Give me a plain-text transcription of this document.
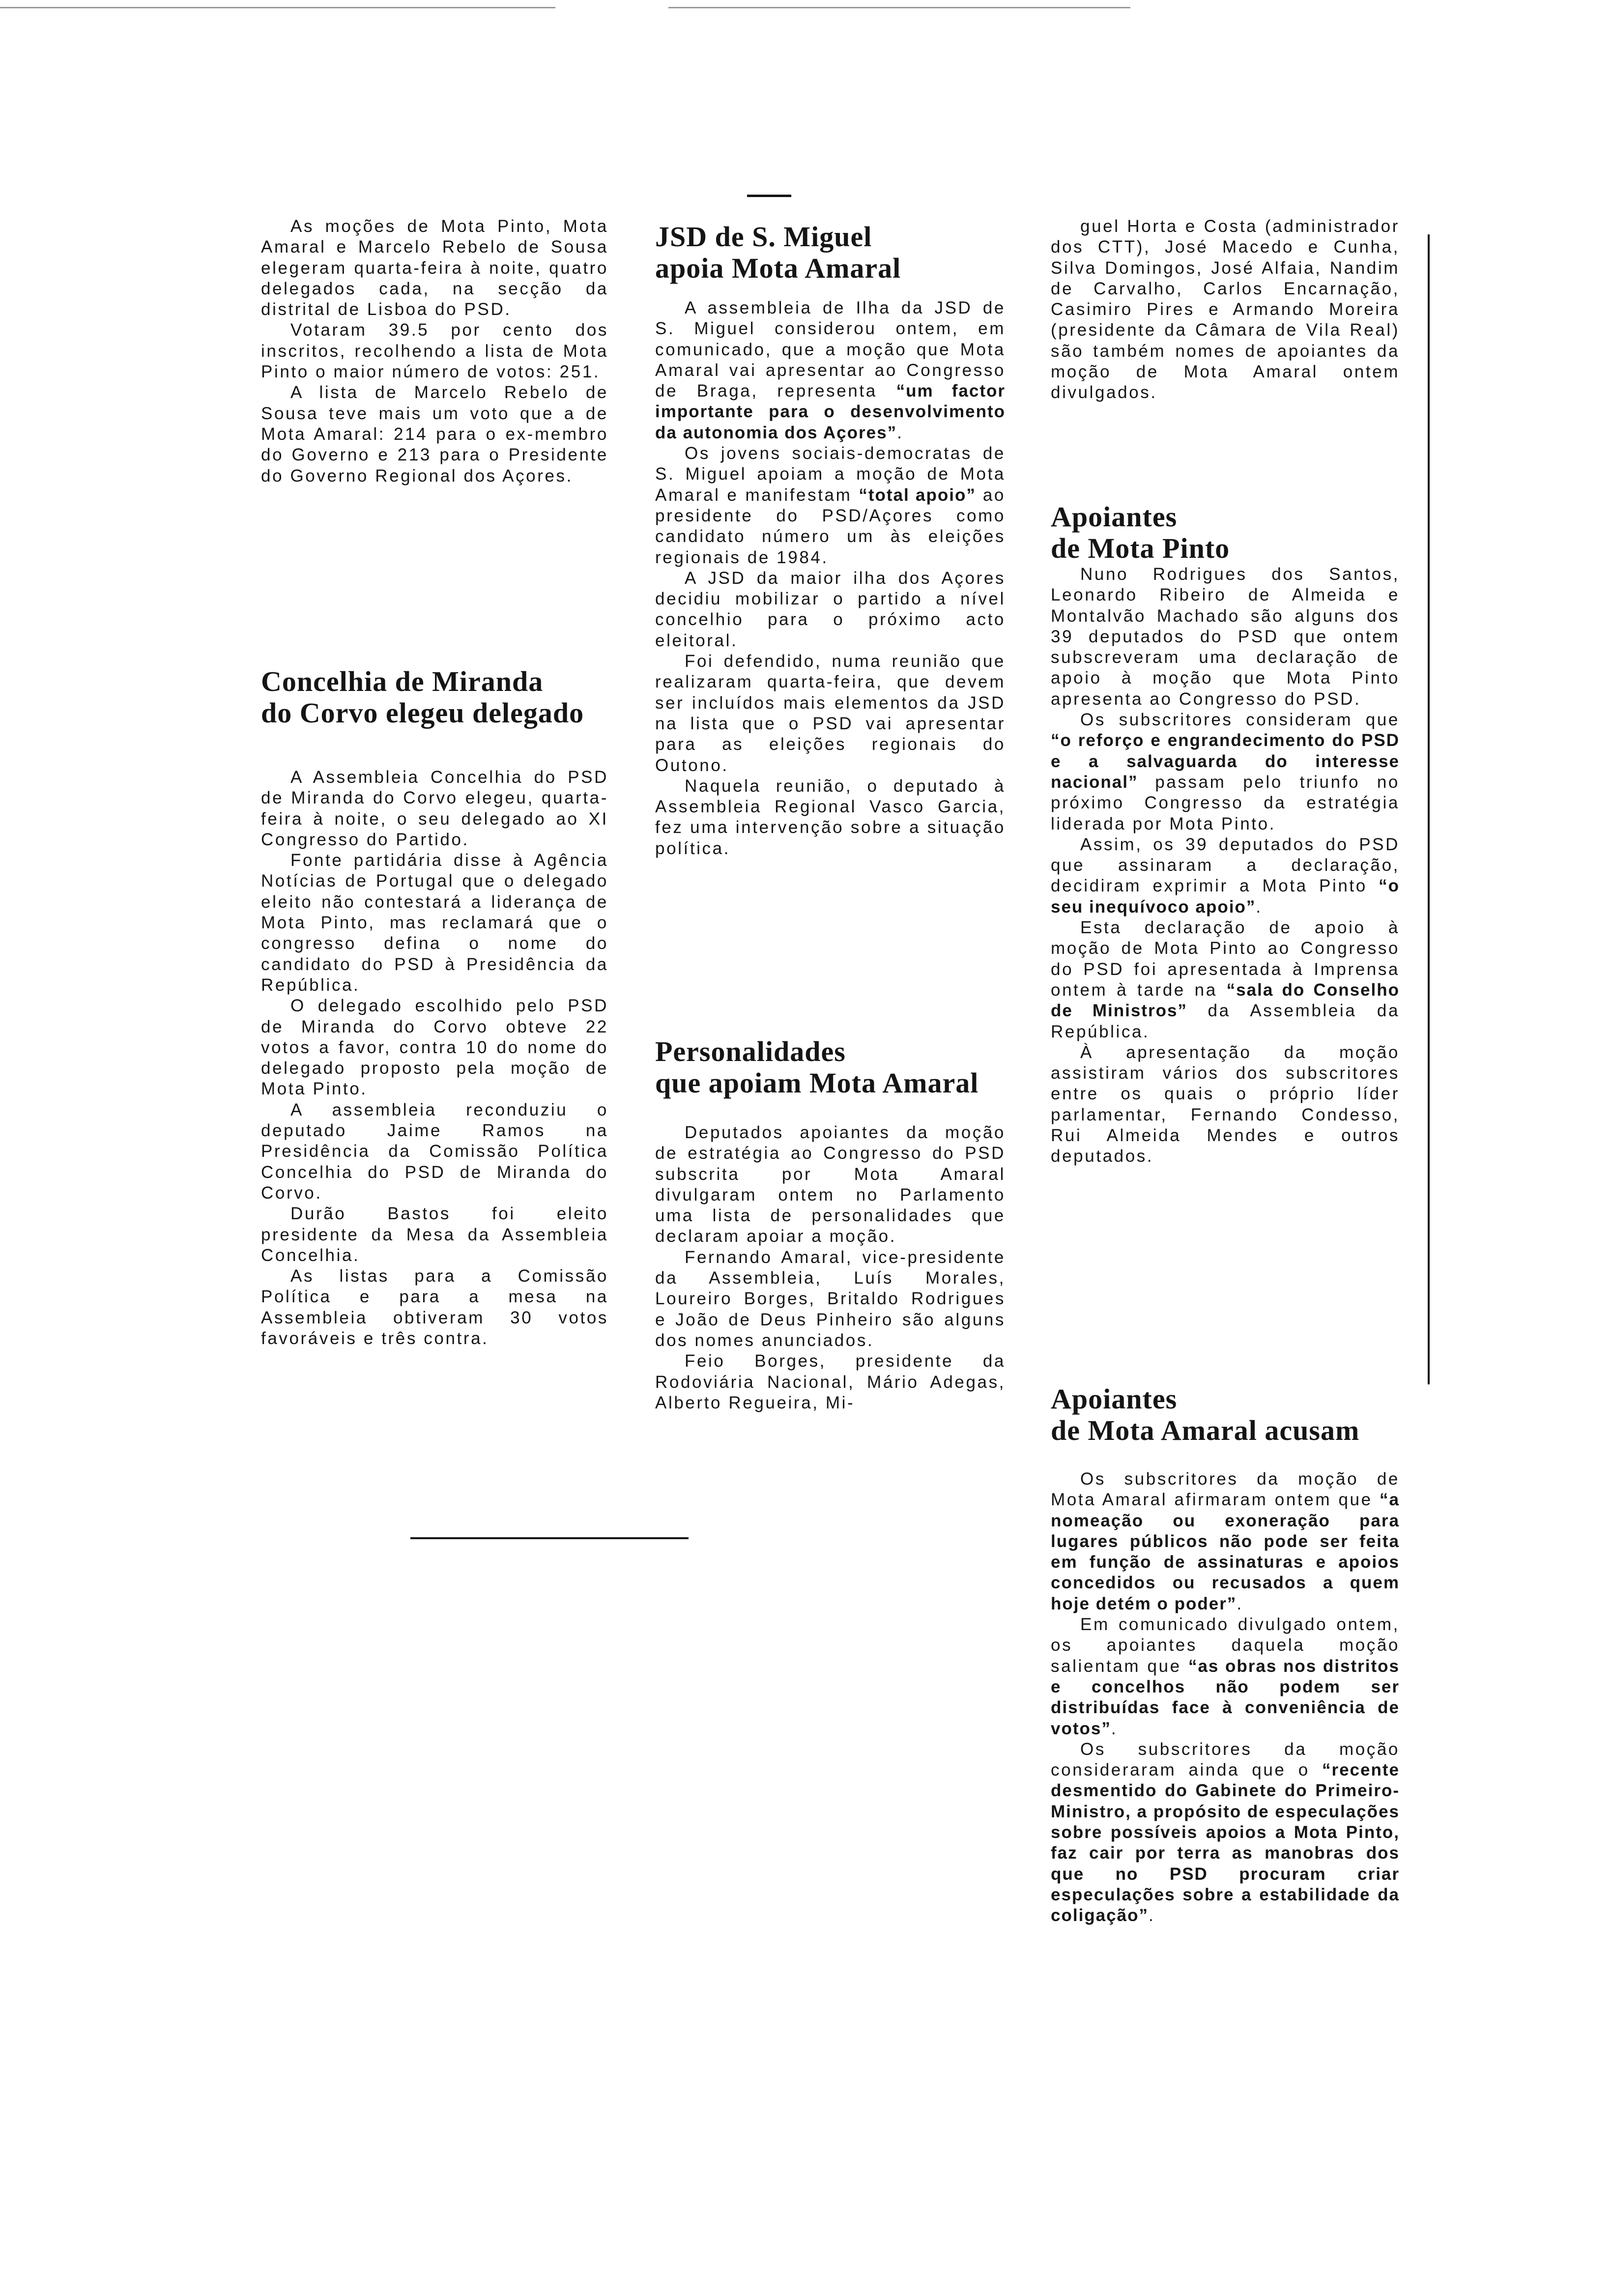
As moções de Mota Pinto, Mota Amaral e Marcelo Rebelo de Sousa elegeram quarta-feira à noite, quatro delegados cada, na secção da distrital de Lisboa do PSD.

Votaram 39.5 por cento dos inscritos, recolhendo a lista de Mota Pinto o maior número de votos: 251.

A lista de Marcelo Rebelo de Sousa teve mais um voto que a de Mota Amaral: 214 para o ex-membro do Governo e 213 para o Presidente do Governo Regional dos Açores.

Concelhia de Miranda
do Corvo elegeu delegado

A Assembleia Concelhia do PSD de Miranda do Corvo elegeu, quarta-feira à noite, o seu delegado ao XI Congresso do Partido.

Fonte partidária disse à Agência Notícias de Portugal que o delegado eleito não contestará a liderança de Mota Pinto, mas reclamará que o congresso defina o nome do candidato do PSD à Presidência da República.

O delegado escolhido pelo PSD de Miranda do Corvo obteve 22 votos a favor, contra 10 do nome do delegado proposto pela moção de Mota Pinto.

A assembleia reconduziu o deputado Jaime Ramos na Presidência da Comissão Política Concelhia do PSD de Miranda do Corvo.

Durão Bastos foi eleito presidente da Mesa da Assembleia Concelhia.

As listas para a Comissão Política e para a mesa na Assembleia obtiveram 30 votos favoráveis e três contra.

JSD de S. Miguel
apoia Mota Amaral

A assembleia de Ilha da JSD de S. Miguel considerou ontem, em comunicado, que a moção que Mota Amaral vai apresentar ao Congresso de Braga, representa “um factor importante para o desenvolvimento da autonomia dos Açores”.

Os jovens sociais-democratas de S. Miguel apoiam a moção de Mota Amaral e manifestam “total apoio” ao presidente do PSD/Açores como candidato número um às eleições regionais de 1984.

A JSD da maior ilha dos Açores decidiu mobilizar o partido a nível concelhio para o próximo acto eleitoral.

Foi defendido, numa reunião que realizaram quarta-feira, que devem ser incluídos mais elementos da JSD na lista que o PSD vai apresentar para as eleições regionais do Outono.

Naquela reunião, o deputado à Assembleia Regional Vasco Garcia, fez uma intervenção sobre a situação política.

Personalidades
que apoiam Mota Amaral

Deputados apoiantes da moção de estratégia ao Congresso do PSD subscrita por Mota Amaral divulgaram ontem no Parlamento uma lista de personalidades que declaram apoiar a moção.

Fernando Amaral, vice-presidente da Assembleia, Luís Morales, Loureiro Borges, Britaldo Rodrigues e João de Deus Pinheiro são alguns dos nomes anunciados.

Feio Borges, presidente da Rodoviária Nacional, Mário Adegas, Alberto Regueira, Mi-

guel Horta e Costa (administrador dos CTT), José Macedo e Cunha, Silva Domingos, José Alfaia, Nandim de Carvalho, Carlos Encarnação, Casimiro Pires e Armando Moreira (presidente da Câmara de Vila Real) são também nomes de apoiantes da moção de Mota Amaral ontem divulgados.

Apoiantes
de Mota Pinto

Nuno Rodrigues dos Santos, Leonardo Ribeiro de Almeida e Montalvão Machado são alguns dos 39 deputados do PSD que ontem subscreveram uma declaração de apoio à moção que Mota Pinto apresenta ao Congresso do PSD.

Os subscritores consideram que “o reforço e engrandecimento do PSD e a salvaguarda do interesse nacional” passam pelo triunfo no próximo Congresso da estratégia liderada por Mota Pinto.

Assim, os 39 deputados do PSD que assinaram a declaração, decidiram exprimir a Mota Pinto “o seu inequívoco apoio”.

Esta declaração de apoio à moção de Mota Pinto ao Congresso do PSD foi apresentada à Imprensa ontem à tarde na “sala do Conselho de Ministros” da Assembleia da República.

À apresentação da moção assistiram vários dos subscritores entre os quais o próprio líder parlamentar, Fernando Condesso, Rui Almeida Mendes e outros deputados.

Apoiantes
de Mota Amaral acusam

Os subscritores da moção de Mota Amaral afirmaram ontem que “a nomeação ou exoneração para lugares públicos não pode ser feita em função de assinaturas e apoios concedidos ou recusados a quem hoje detém o poder”.

Em comunicado divulgado ontem, os apoiantes daquela moção salientam que “as obras nos distritos e concelhos não podem ser distribuídas face à conveniência de votos”.

Os subscritores da moção consideraram ainda que o “recente desmentido do Gabinete do Primeiro-Ministro, a propósito de especulações sobre possíveis apoios a Mota Pinto, faz cair por terra as manobras dos que no PSD procuram criar especulações sobre a estabilidade da coligação”.
